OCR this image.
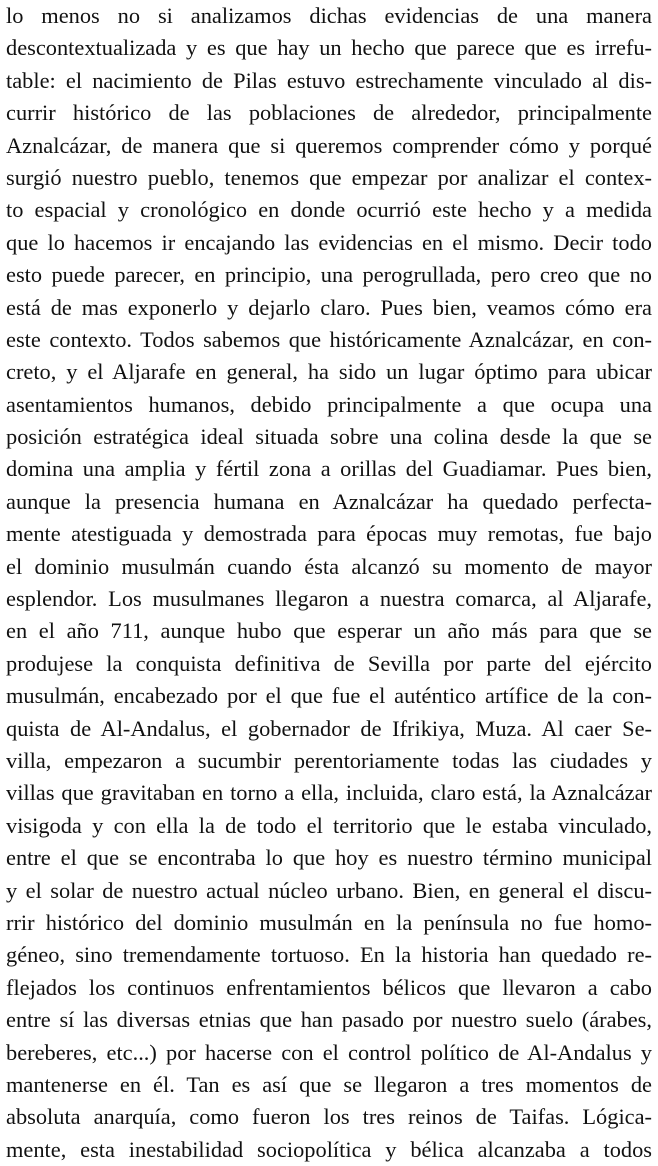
lo menos no si analizamos dichas evidencias de una manera
descontextualizada y es que hay un hecho que parece que es irrefu-
table: el nacimiento de Pilas estuvo estrechamente vinculado al dis-
currir histórico de las poblaciones de alrededor, principalmente
Aznalcázar, de manera que si queremos comprender cómo y porqué
surgió nuestro pueblo, tenemos que empezar por analizar el contex-
to espacial y cronológico en donde ocurrió este hecho y a medida
que lo hacemos ir encajando las evidencias en el mismo. Decir todo
esto puede parecer, en principio, una perogrullada, pero creo que no
está de mas exponerlo y dejarlo claro. Pues bien, veamos cómo era
este contexto. Todos sabemos que históricamente Aznalcázar, en con-
creto, y el Aljarafe en general, ha sido un lugar óptimo para ubicar
asentamientos humanos, debido principalmente a que ocupa una
posición estratégica ideal situada sobre una colina desde la que se
domina una amplia y fértil zona a orillas del Guadiamar. Pues bien,
aunque la presencia humana en Aznalcázar ha quedado perfecta-
mente atestiguada y demostrada para épocas muy remotas, fue bajo
el dominio musulmán cuando ésta alcanzó su momento de mayor
esplendor. Los musulmanes llegaron a nuestra comarca, al Aljarafe,
en el año 711, aunque hubo que esperar un año más para que se
produjese la conquista definitiva de Sevilla por parte del ejército
musulmán, encabezado por el que fue el auténtico artífice de la con-
quista de Al-Andalus, el gobernador de Ifrikiya, Muza. Al caer Se-
villa, empezaron a sucumbir perentoriamente todas las ciudades y
villas que gravitaban en torno a ella, incluida, claro está, la Aznalcázar
visigoda y con ella la de todo el territorio que le estaba vinculado,
entre el que se encontraba lo que hoy es nuestro término municipal
y el solar de nuestro actual núcleo urbano. Bien, en general el discu-
rrir histórico del dominio musulmán en la península no fue homo-
géneo, sino tremendamente tortuoso. En la historia han quedado re-
flejados los continuos enfrentamientos bélicos que llevaron a cabo
entre sí las diversas etnias que han pasado por nuestro suelo (árabes,
bereberes, etc...) por hacerse con el control político de Al-Andalus y
mantenerse en él. Tan es así que se llegaron a tres momentos de
absoluta anarquía, como fueron los tres reinos de Taifas. Lógica-
mente, esta inestabilidad sociopolítica y bélica alcanzaba a todos
